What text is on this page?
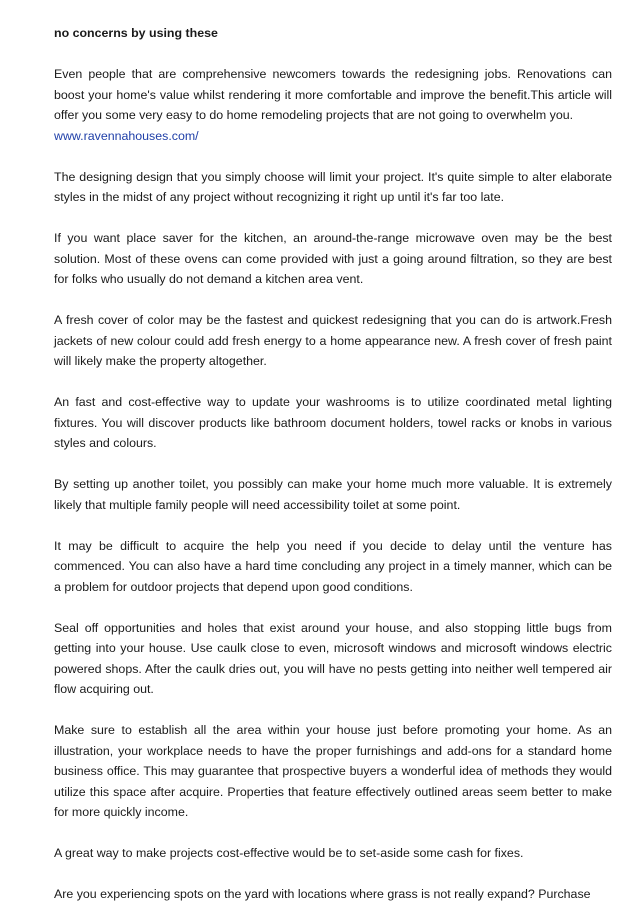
no concerns by using these

Even people that are comprehensive newcomers towards the redesigning jobs. Renovations can boost your home's value whilst rendering it more comfortable and improve the benefit.This article will offer you some very easy to do home remodeling projects that are not going to overwhelm you.

www.ravennahouses.com/

The designing design that you simply choose will limit your project. It's quite simple to alter elaborate styles in the midst of any project without recognizing it right up until it's far too late.

If you want place saver for the kitchen, an around-the-range microwave oven may be the best solution. Most of these ovens can come provided with just a going around filtration, so they are best for folks who usually do not demand a kitchen area vent.

A fresh cover of color may be the fastest and quickest redesigning that you can do is artwork.Fresh jackets of new colour could add fresh energy to a home appearance new. A fresh cover of fresh paint will likely make the property altogether.

An fast and cost-effective way to update your washrooms is to utilize coordinated metal lighting fixtures. You will discover products like bathroom document holders, towel racks or knobs in various styles and colours.

By setting up another toilet, you possibly can make your home much more valuable. It is extremely likely that multiple family people will need accessibility toilet at some point.

It may be difficult to acquire the help you need if you decide to delay until the venture has commenced. You can also have a hard time concluding any project in a timely manner, which can be a problem for outdoor projects that depend upon good conditions.

Seal off opportunities and holes that exist around your house, and also stopping little bugs from getting into your house. Use caulk close to even, microsoft windows and microsoft windows electric powered shops. After the caulk dries out, you will have no pests getting into neither well tempered air flow acquiring out.

Make sure to establish all the area within your house just before promoting your home. As an illustration, your workplace needs to have the proper furnishings and add-ons for a standard home business office. This may guarantee that prospective buyers a wonderful idea of methods they would utilize this space after acquire. Properties that feature effectively outlined areas seem better to make for more quickly income.

A great way to make projects cost-effective would be to set-aside some cash for fixes.

Are you experiencing spots on the yard with locations where grass is not really expand? Purchase
